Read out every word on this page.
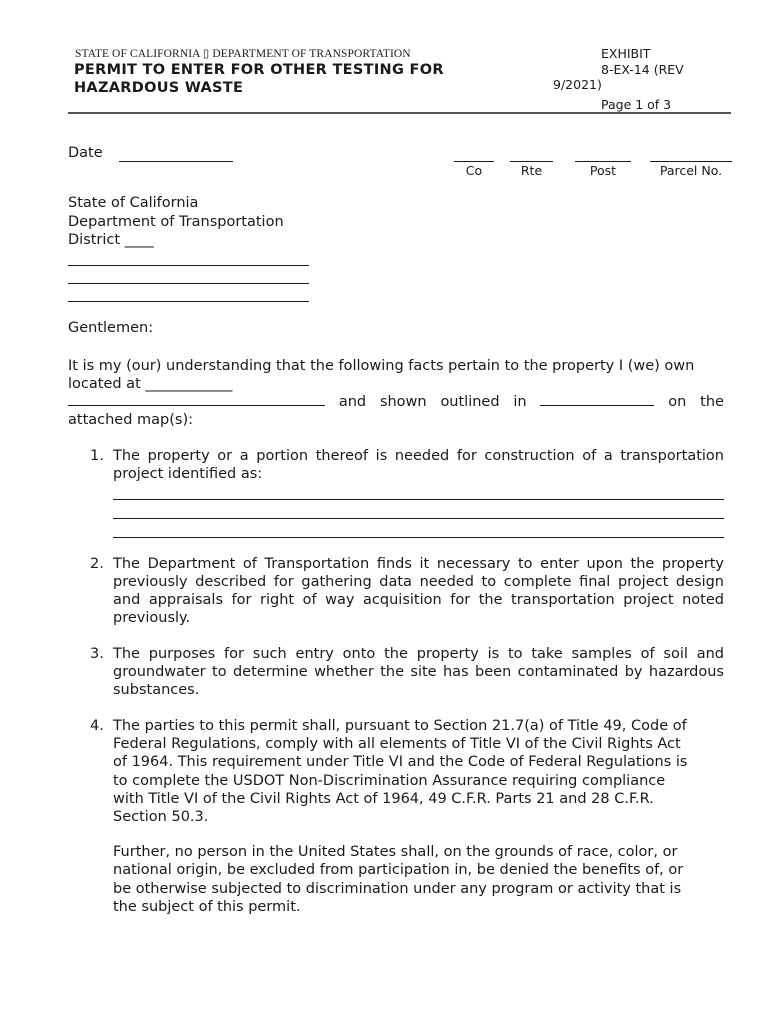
STATE OF CALIFORNIA ▯ DEPARTMENT OF TRANSPORTATION
PERMIT TO ENTER FOR OTHER TESTING FOR
HAZARDOUS WASTE
EXHIBIT
8-EX-14 (REV
9/2021)
Page 1 of 3
Date
Co	Rte	Post	Parcel No.
State of California
Department of Transportation
District ____
Gentlemen:
It is my (our) understanding that the following facts pertain to the property I (we) own
located at ____________
and shown outlined in	on the
attached map(s):
1. The property or a portion thereof is needed for construction of a transportation project identified as:
2. The Department of Transportation finds it necessary to enter upon the property previously described for gathering data needed to complete final project design and appraisals for right of way acquisition for the transportation project noted previously.
3. The purposes for such entry onto the property is to take samples of soil and groundwater to determine whether the site has been contaminated by hazardous substances.
4. The parties to this permit shall, pursuant to Section 21.7(a) of Title 49, Code of
Federal Regulations, comply with all elements of Title VI of the Civil Rights Act
of 1964. This requirement under Title VI and the Code of Federal Regulations is
to complete the USDOT Non-Discrimination Assurance requiring compliance
with Title VI of the Civil Rights Act of 1964, 49 C.F.R. Parts 21 and 28 C.F.R.
Section 50.3.
Further, no person in the United States shall, on the grounds of race, color, or
national origin, be excluded from participation in, be denied the benefits of, or
be otherwise subjected to discrimination under any program or activity that is
the subject of this permit.
